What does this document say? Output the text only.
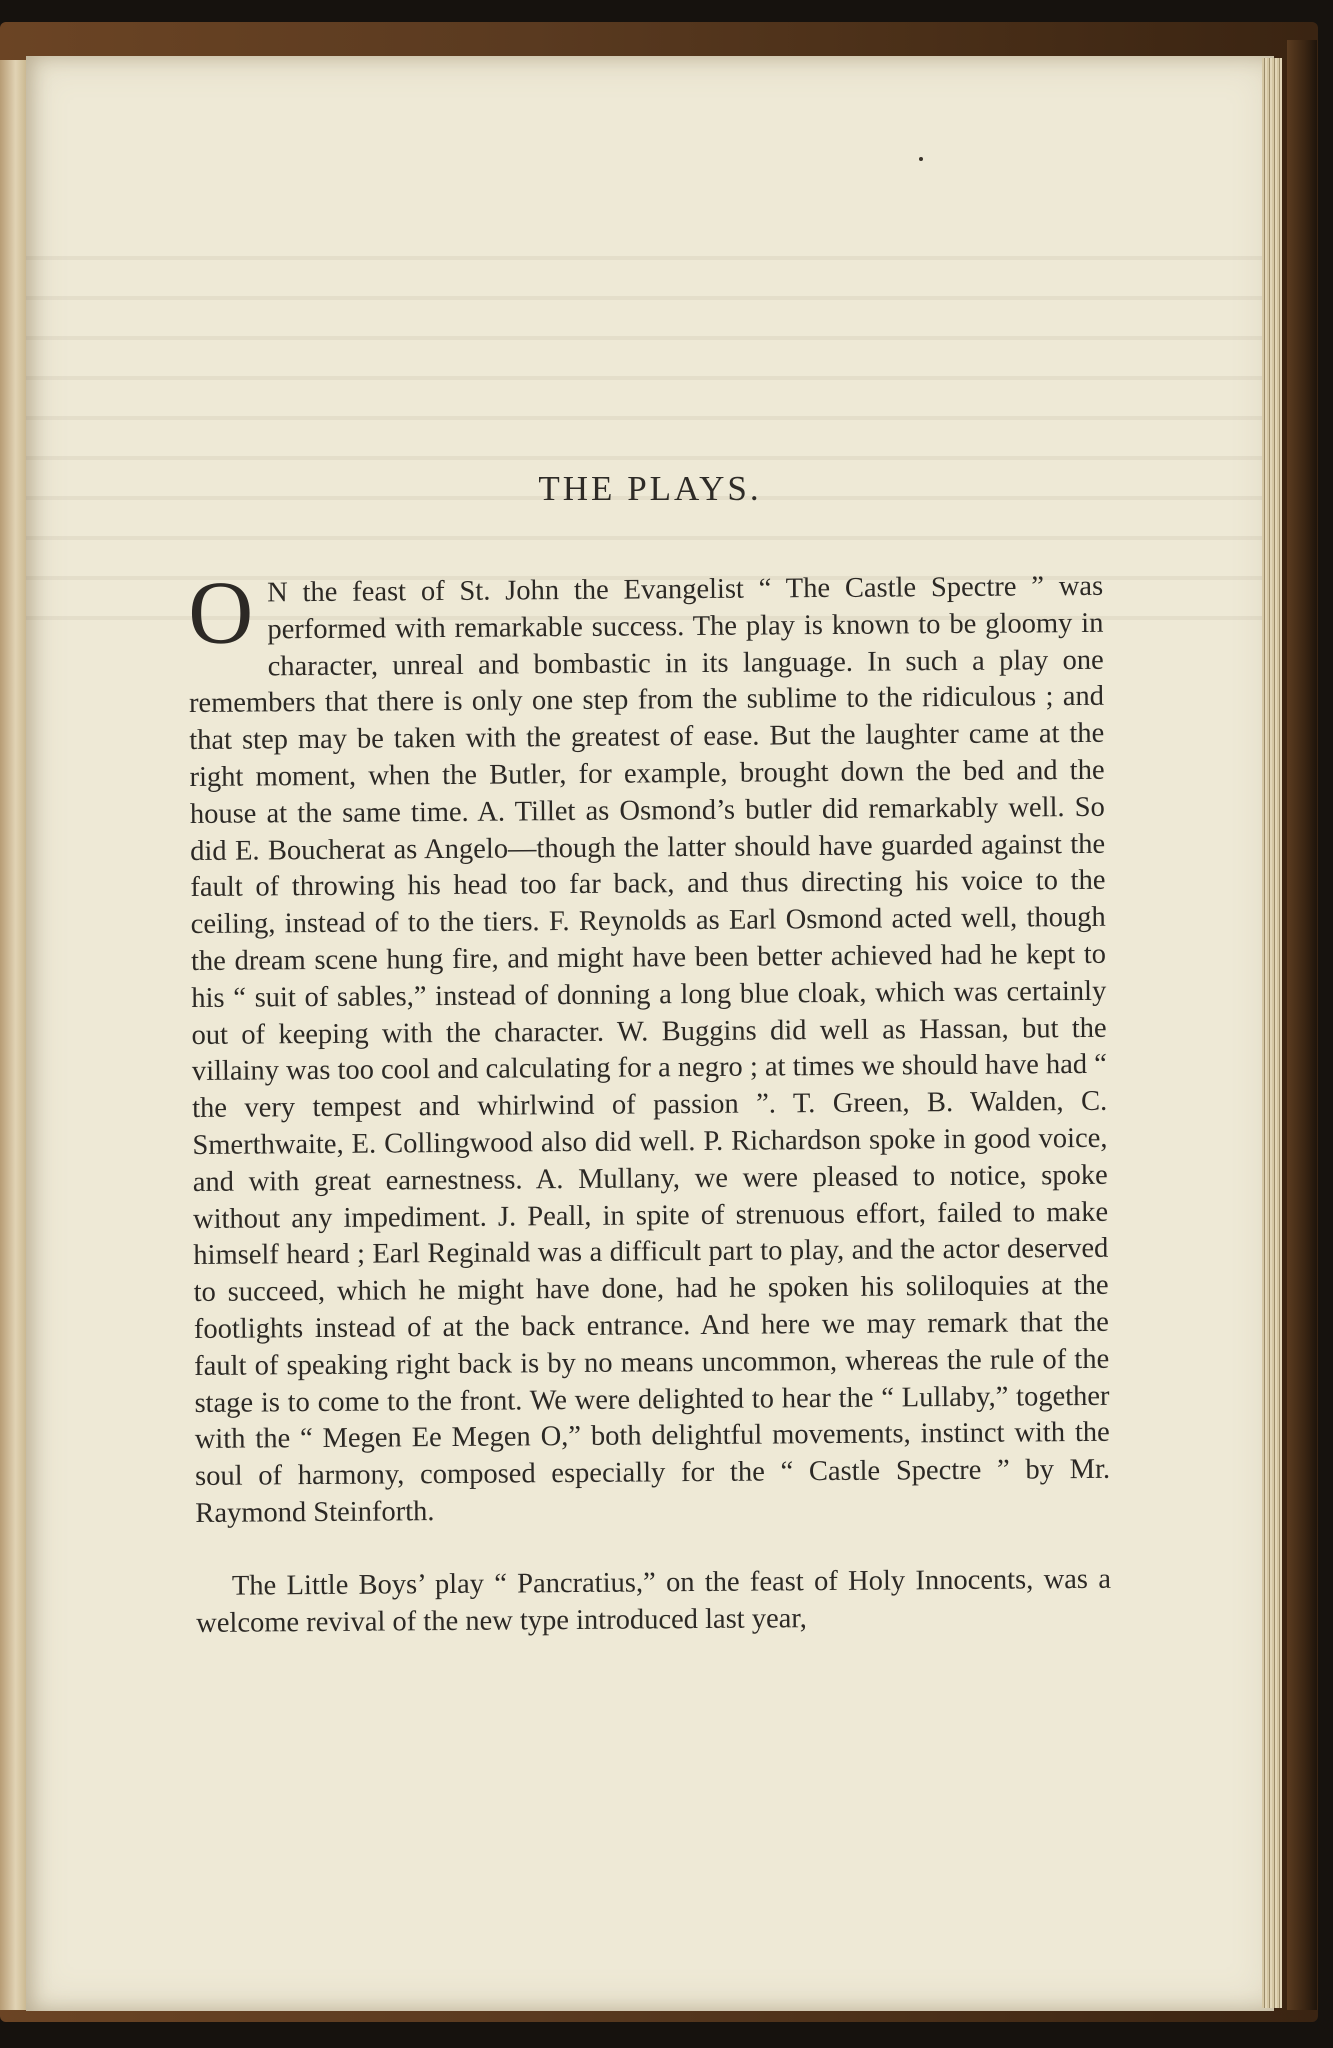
THE PLAYS.

O N the feast of St. John the Evangelist “ The Castle Spectre ” was performed with remarkable success. The play is known to be gloomy in character, unreal and bombastic in its language. In such a play one remembers that there is only one step from the sublime to the ridiculous ; and that step may be taken with the greatest of ease. But the laughter came at the right moment, when the Butler, for example, brought down the bed and the house at the same time. A. Tillet as Osmond’s butler did remarkably well. So did E. Boucherat as Angelo—though the latter should have guarded against the fault of throwing his head too far back, and thus directing his voice to the ceiling, instead of to the tiers. F. Reynolds as Earl Osmond acted well, though the dream scene hung fire, and might have been better achieved had he kept to his “ suit of sables,” instead of donning a long blue cloak, which was certainly out of keeping with the character. W. Buggins did well as Hassan, but the villainy was too cool and calculating for a negro ; at times we should have had “ the very tempest and whirlwind of passion ”. T. Green, B. Walden, C. Smerthwaite, E. Collingwood also did well. P. Richardson spoke in good voice, and with great earnestness. A. Mullany, we were pleased to notice, spoke without any impediment. J. Peall, in spite of strenuous effort, failed to make himself heard ; Earl Reginald was a difficult part to play, and the actor deserved to succeed, which he might have done, had he spoken his soliloquies at the footlights instead of at the back entrance. And here we may remark that the fault of speaking right back is by no means uncommon, whereas the rule of the stage is to come to the front. We were delighted to hear the “ Lullaby,” together with the “ Megen Ee Megen O,” both delightful movements, instinct with the soul of harmony, composed especially for the “ Castle Spectre ” by Mr. Raymond Steinforth.

The Little Boys’ play “ Pancratius,” on the feast of Holy Innocents, was a welcome revival of the new type introduced last year,
